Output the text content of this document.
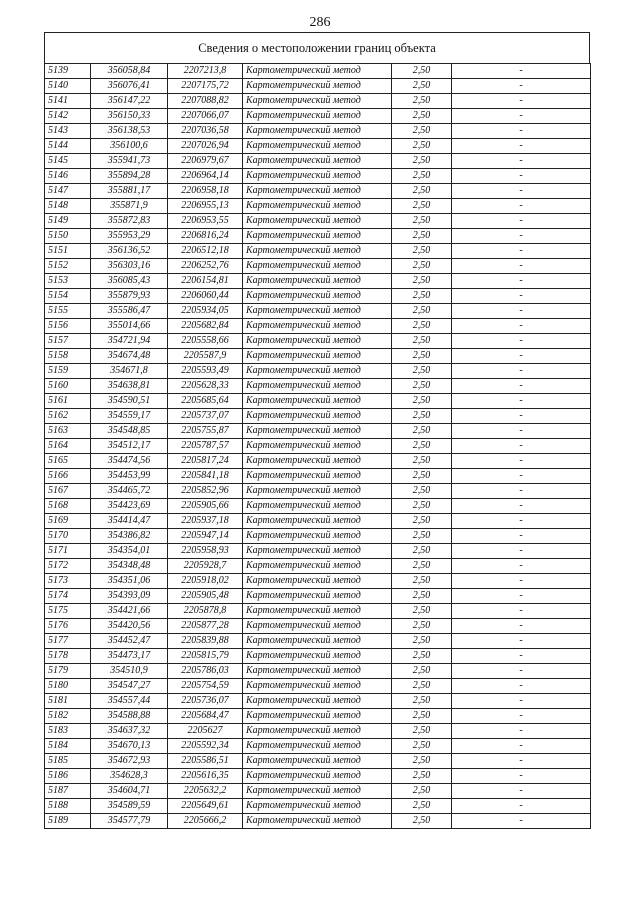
286
Сведения о местоположении границ объекта
5139	356058,84	2207213,8	Картометрический метод	2,50	-
5140	356076,41	2207175,72	Картометрический метод	2,50	-
5141	356147,22	2207088,82	Картометрический метод	2,50	-
5142	356150,33	2207066,07	Картометрический метод	2,50	-
5143	356138,53	2207036,58	Картометрический метод	2,50	-
5144	356100,6	2207026,94	Картометрический метод	2,50	-
5145	355941,73	2206979,67	Картометрический метод	2,50	-
5146	355894,28	2206964,14	Картометрический метод	2,50	-
5147	355881,17	2206958,18	Картометрический метод	2,50	-
5148	355871,9	2206955,13	Картометрический метод	2,50	-
5149	355872,83	2206953,55	Картометрический метод	2,50	-
5150	355953,29	2206816,24	Картометрический метод	2,50	-
5151	356136,52	2206512,18	Картометрический метод	2,50	-
5152	356303,16	2206252,76	Картометрический метод	2,50	-
5153	356085,43	2206154,81	Картометрический метод	2,50	-
5154	355879,93	2206060,44	Картометрический метод	2,50	-
5155	355586,47	2205934,05	Картометрический метод	2,50	-
5156	355014,66	2205682,84	Картометрический метод	2,50	-
5157	354721,94	2205558,66	Картометрический метод	2,50	-
5158	354674,48	2205587,9	Картометрический метод	2,50	-
5159	354671,8	2205593,49	Картометрический метод	2,50	-
5160	354638,81	2205628,33	Картометрический метод	2,50	-
5161	354590,51	2205685,64	Картометрический метод	2,50	-
5162	354559,17	2205737,07	Картометрический метод	2,50	-
5163	354548,85	2205755,87	Картометрический метод	2,50	-
5164	354512,17	2205787,57	Картометрический метод	2,50	-
5165	354474,56	2205817,24	Картометрический метод	2,50	-
5166	354453,99	2205841,18	Картометрический метод	2,50	-
5167	354465,72	2205852,96	Картометрический метод	2,50	-
5168	354423,69	2205905,66	Картометрический метод	2,50	-
5169	354414,47	2205937,18	Картометрический метод	2,50	-
5170	354386,82	2205947,14	Картометрический метод	2,50	-
5171	354354,01	2205958,93	Картометрический метод	2,50	-
5172	354348,48	2205928,7	Картометрический метод	2,50	-
5173	354351,06	2205918,02	Картометрический метод	2,50	-
5174	354393,09	2205905,48	Картометрический метод	2,50	-
5175	354421,66	2205878,8	Картометрический метод	2,50	-
5176	354420,56	2205877,28	Картометрический метод	2,50	-
5177	354452,47	2205839,88	Картометрический метод	2,50	-
5178	354473,17	2205815,79	Картометрический метод	2,50	-
5179	354510,9	2205786,03	Картометрический метод	2,50	-
5180	354547,27	2205754,59	Картометрический метод	2,50	-
5181	354557,44	2205736,07	Картометрический метод	2,50	-
5182	354588,88	2205684,47	Картометрический метод	2,50	-
5183	354637,32	2205627	Картометрический метод	2,50	-
5184	354670,13	2205592,34	Картометрический метод	2,50	-
5185	354672,93	2205586,51	Картометрический метод	2,50	-
5186	354628,3	2205616,35	Картометрический метод	2,50	-
5187	354604,71	2205632,2	Картометрический метод	2,50	-
5188	354589,59	2205649,61	Картометрический метод	2,50	-
5189	354577,79	2205666,2	Картометрический метод	2,50	-
